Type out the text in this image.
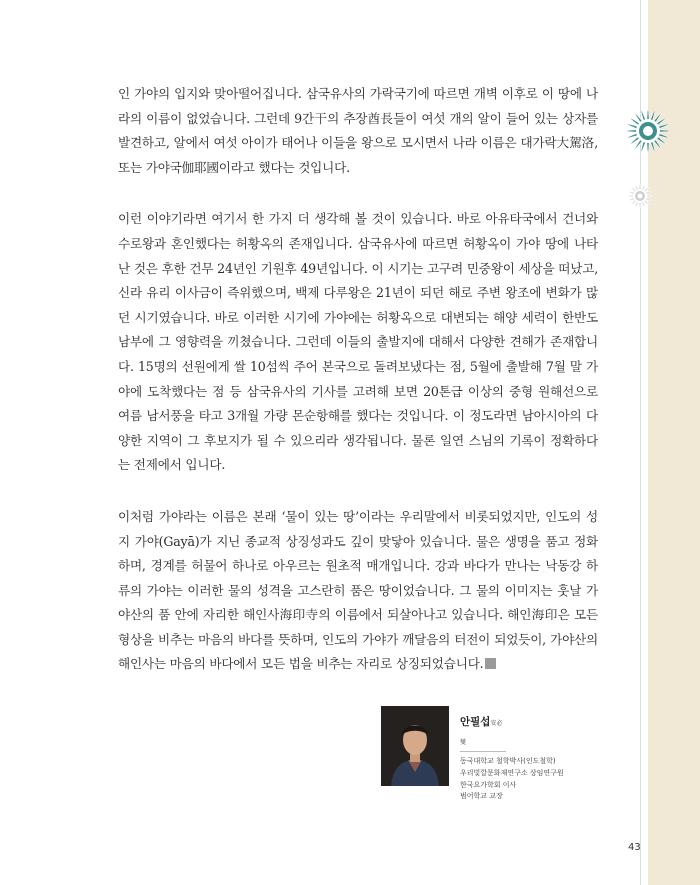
인 가야의 입지와 맞아떨어집니다. 삼국유사의 가락국기에 따르면 개벽 이후로 이 땅에 나라의 이름이 없었습니다. 그런데 9간干의 추장酋長들이 여섯 개의 알이 들어 있는 상자를 발견하고, 알에서 여섯 아이가 태어나 이들을 왕으로 모시면서 나라 이름은 대가락大駕洛, 또는 가야국伽耶國이라고 했다는 것입니다.

이런 이야기라면 여기서 한 가지 더 생각해 볼 것이 있습니다. 바로 아유타국에서 건너와 수로왕과 혼인했다는 허황옥의 존재입니다. 삼국유사에 따르면 허황옥이 가야 땅에 나타난 것은 후한 건무 24년인 기원후 49년입니다. 이 시기는 고구려 민중왕이 세상을 떠났고, 신라 유리 이사금이 즉위했으며, 백제 다루왕은 21년이 되던 해로 주변 왕조에 변화가 많던 시기였습니다. 바로 이러한 시기에 가야에는 허황옥으로 대변되는 해양 세력이 한반도 남부에 그 영향력을 끼쳤습니다. 그런데 이들의 출발지에 대해서 다양한 견해가 존재합니다. 15명의 선원에게 쌀 10섬씩 주어 본국으로 돌려보냈다는 점, 5월에 출발해 7월 말 가야에 도착했다는 점 등 삼국유사의 기사를 고려해 보면 20톤급 이상의 중형 원해선으로 여름 남서풍을 타고 3개월 가량 몬순항해를 했다는 것입니다. 이 정도라면 남아시아의 다양한 지역이 그 후보지가 될 수 있으리라 생각됩니다. 물론 일연 스님의 기록이 정확하다는 전제에서 입니다.

이처럼 가야라는 이름은 본래 ‘물이 있는 땅’이라는 우리말에서 비롯되었지만, 인도의 성지 가야(Gayā)가 지닌 종교적 상징성과도 깊이 맞닿아 있습니다. 물은 생명을 품고 정화하며, 경계를 허물어 하나로 아우르는 원초적 매개입니다. 강과 바다가 만나는 낙동강 하류의 가야는 이러한 물의 성격을 고스란히 품은 땅이었습니다. 그 물의 이미지는 훗날 가야산의 품 안에 자리한 해인사海印寺의 이름에서 되살아나고 있습니다. 해인海印은 모든 형상을 비추는 마음의 바다를 뜻하며, 인도의 가야가 깨달음의 터전이 되었듯이, 가야산의 해인사는 마음의 바다에서 모든 법을 비추는 자리로 상징되었습니다.

안필섭安必燮
동국대학교 철학박사(인도철학)
우리빛깔문화재연구소 상임연구원
한국요가학회 이사
범어학교 교장
43
